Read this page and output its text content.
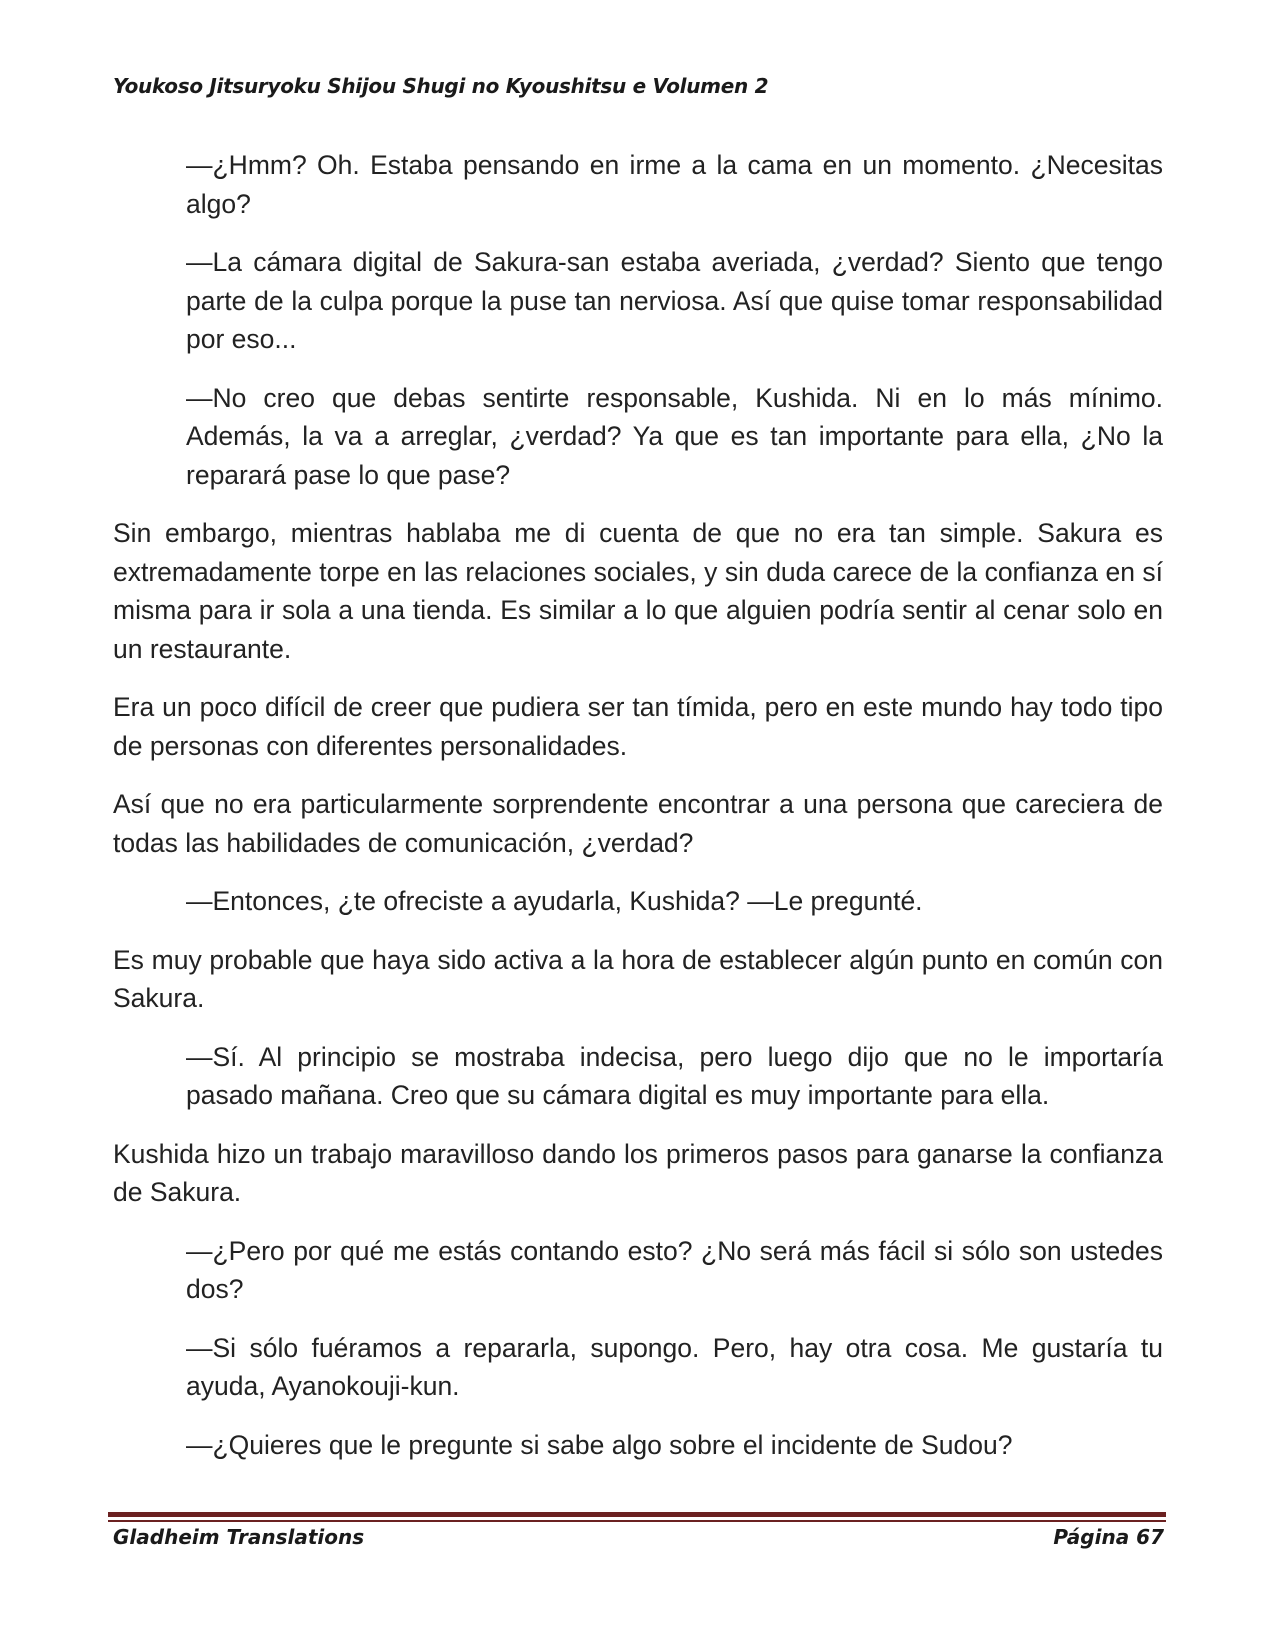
Youkoso Jitsuryoku Shijou Shugi no Kyoushitsu e Volumen 2

—¿Hmm? Oh. Estaba pensando en irme a la cama en un momento. ¿Necesitas algo?

—La cámara digital de Sakura-san estaba averiada, ¿verdad? Siento que tengo parte de la culpa porque la puse tan nerviosa. Así que quise tomar responsabilidad por eso...

—No creo que debas sentirte responsable, Kushida. Ni en lo más mínimo. Además, la va a arreglar, ¿verdad? Ya que es tan importante para ella, ¿No la reparará pase lo que pase?

Sin embargo, mientras hablaba me di cuenta de que no era tan simple. Sakura es extremadamente torpe en las relaciones sociales, y sin duda carece de la confianza en sí misma para ir sola a una tienda. Es similar a lo que alguien podría sentir al cenar solo en un restaurante.

Era un poco difícil de creer que pudiera ser tan tímida, pero en este mundo hay todo tipo de personas con diferentes personalidades.

Así que no era particularmente sorprendente encontrar a una persona que careciera de todas las habilidades de comunicación, ¿verdad?

—Entonces, ¿te ofreciste a ayudarla, Kushida? —Le pregunté.

Es muy probable que haya sido activa a la hora de establecer algún punto en común con Sakura.

—Sí. Al principio se mostraba indecisa, pero luego dijo que no le importaría pasado mañana. Creo que su cámara digital es muy importante para ella.

Kushida hizo un trabajo maravilloso dando los primeros pasos para ganarse la confianza de Sakura.

—¿Pero por qué me estás contando esto? ¿No será más fácil si sólo son ustedes dos?

—Si sólo fuéramos a repararla, supongo. Pero, hay otra cosa. Me gustaría tu ayuda, Ayanokouji-kun.

—¿Quieres que le pregunte si sabe algo sobre el incidente de Sudou?

Gladheim Translations	Página 67
